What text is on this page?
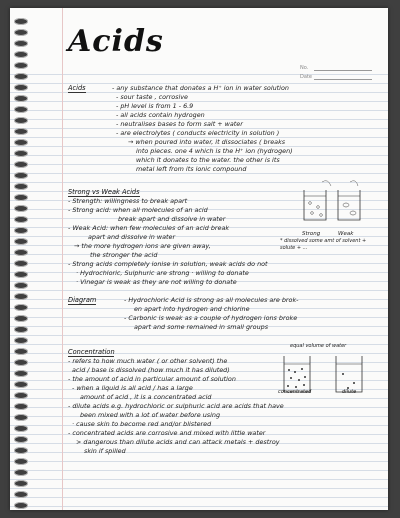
Acids
No.
Date
Acids	- any substance that donates a H⁺ ion in water solution
- sour taste , corrosive
- pH level is from 1 - 6.9
- all acids contain hydrogen
- neutralises bases to form salt + water
- are electrolytes ( conducts electricity in solution )
→ when poured into water, it dissociates ( breaks
into pieces. one 4 which is the H⁺ ion (hydrogen)
which it donates to the water. the other is its
metal left from its ionic compound
Strong vs Weak Acids
- Strength: willingness to break apart
- Strong acid: when all molecules of an acid
break apart and dissolve in water
- Weak Acid: when few molecules of an acid break
apart and dissolve in water
→ the more hydrogen ions are given away,
the stronger the acid
- Strong acids completely ionise in solution, weak acids do not
· Hydrochloric, Sulphuric are strong · willing to donate
· Vinegar is weak as they are not willing to donate
Strong	Weak
* dissolved some amt of solvent + solute + ...
Diagram	- Hydrochloric Acid is strong as all molecules are brok-
en apart into hydrogen and chlorine
- Carbonic is weak as a couple of hydrogen ions broke
apart and some remained in small groups
Concentration
- refers to how much water ( or other solvent) the
acid / base is dissolved (how much it has diluted)
- the amount of acid in particular amount of solution
- when a liquid is all acid / has a large
amount of acid , it is a concentrated acid
- dilute acids e.g. hydrochloric or sulphuric acid are acids that have
been mixed with a lot of water before using
· cause skin to become red and/or blistered
- concentrated acids are corrosive and mixed with little water
> dangerous than dilute acids and can attack metals + destroy
skin if spilled
equal volume of water
concentrated	dilute
